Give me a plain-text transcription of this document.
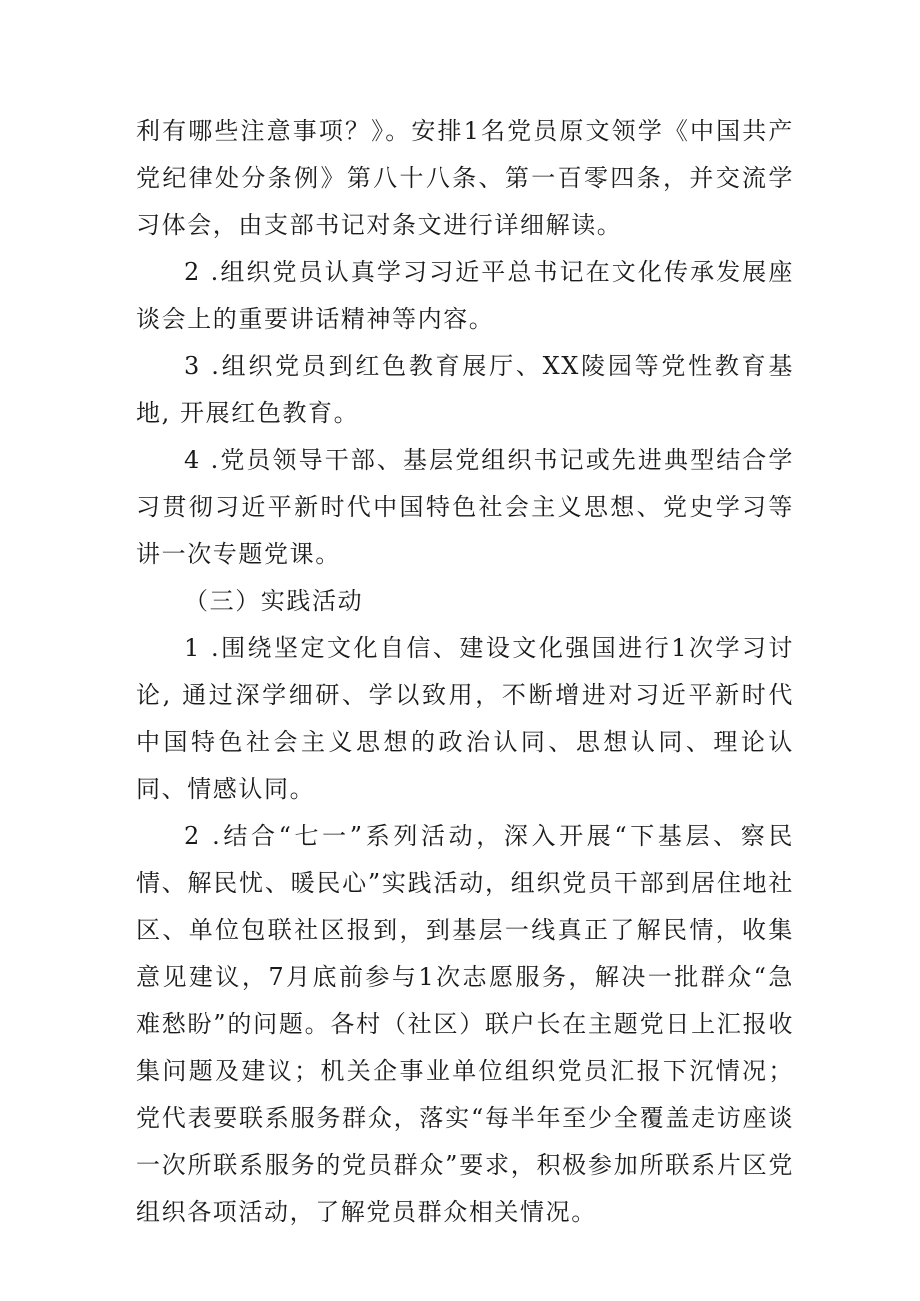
利有哪些注意事项？》。安排1名党员原文领学《中国共产党纪律处分条例》第八十八条、第一百零四条，并交流学习体会，由支部书记对条文进行详细解读。

2 .组织党员认真学习习近平总书记在文化传承发展座谈会上的重要讲话精神等内容。

3 .组织党员到红色教育展厅、XX陵园等党性教育基地, 开展红色教育。

4 .党员领导干部、基层党组织书记或先进典型结合学习贯彻习近平新时代中国特色社会主义思想、党史学习等讲一次专题党课。

（三）实践活动

1 .围绕坚定文化自信、建设文化强国进行1次学习讨论, 通过深学细研、学以致用，不断增进对习近平新时代中国特色社会主义思想的政治认同、思想认同、理论认同、情感认同。

2 .结合“七一”系列活动，深入开展“下基层、察民情、解民忧、暖民心”实践活动，组织党员干部到居住地社区、单位包联社区报到，到基层一线真正了解民情，收集意见建议，7月底前参与1次志愿服务，解决一批群众“急难愁盼”的问题。各村（社区）联户长在主题党日上汇报收集问题及建议；机关企事业单位组织党员汇报下沉情况；党代表要联系服务群众，落实“每半年至少全覆盖走访座谈一次所联系服务的党员群众”要求，积极参加所联系片区党组织各项活动，了解党员群众相关情况。
